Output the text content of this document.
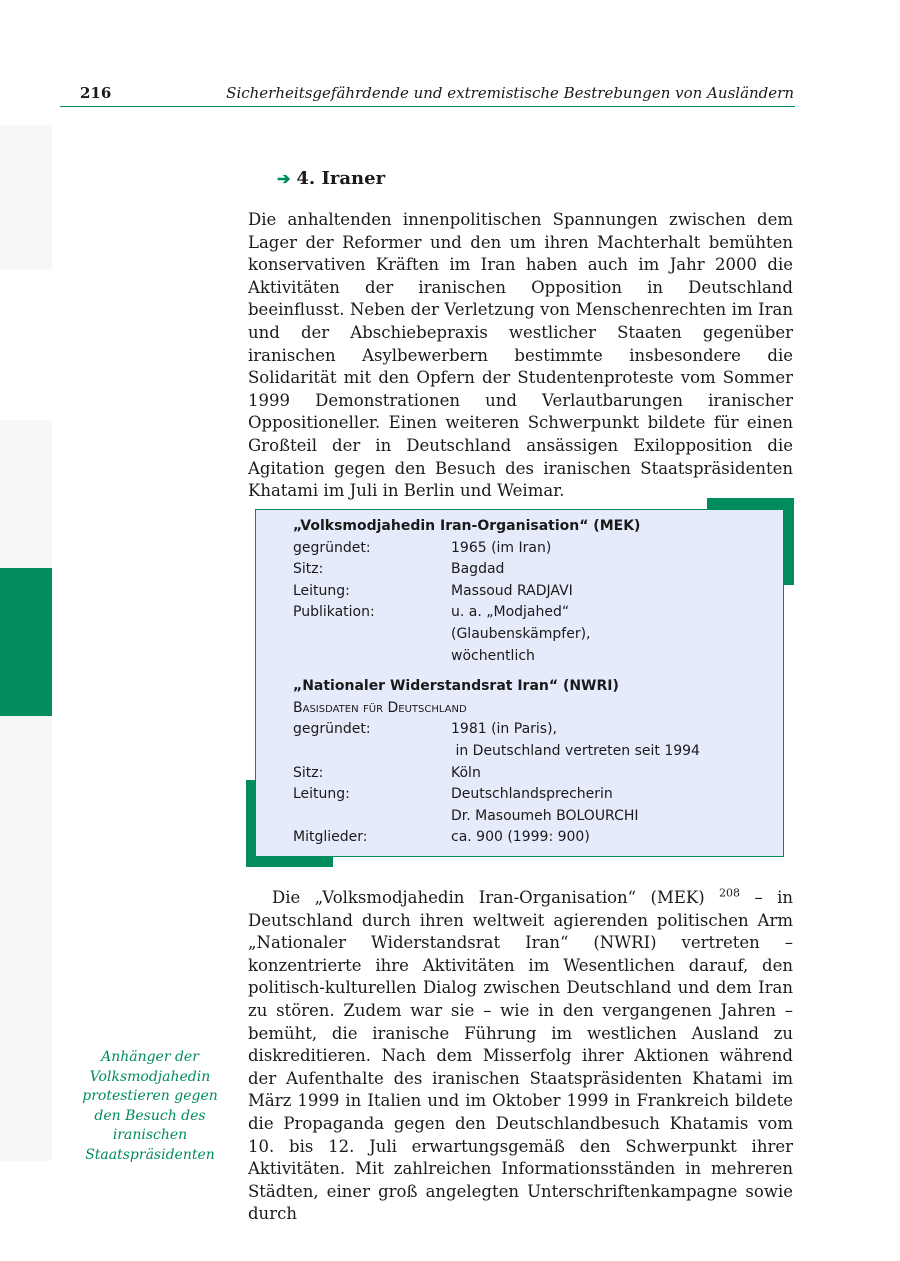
216	Sicherheitsgefährdende und extremistische Bestrebungen von Ausländern
➔ 4. Iraner
Die anhaltenden innenpolitischen Spannungen zwischen dem Lager der Reformer und den um ihren Machterhalt bemühten konservativen Kräften im Iran haben auch im Jahr 2000 die Aktivitäten der iranischen Opposition in Deutschland beeinflusst. Neben der Verletzung von Menschenrechten im Iran und der Abschiebepraxis westlicher Staaten gegenüber iranischen Asylbewerbern bestimmte insbesondere die Solidarität mit den Opfern der Studentenproteste vom Sommer 1999 Demonstrationen und Verlautbarungen iranischer Oppositioneller. Einen weiteren Schwerpunkt bildete für einen Großteil der in Deutschland ansässigen Exilopposition die Agitation gegen den Besuch des iranischen Staatspräsidenten Khatami im Juli in Berlin und Weimar.
„Volksmodjahedin Iran-Organisation“ (MEK)
gegründet:	1965 (im Iran)
Sitz:	Bagdad
Leitung:	Massoud RADJAVI
Publikation:	u. a. „Modjahed“
(Glaubenskämpfer),
wöchentlich
„Nationaler Widerstandsrat Iran“ (NWRI)
Basisdaten für Deutschland
gegründet:	1981 (in Paris),
in Deutschland vertreten seit 1994
Sitz:	Köln
Leitung:	Deutschlandsprecherin
Dr. Masoumeh BOLOURCHI
Mitglieder:	ca. 900 (1999: 900)
Die „Volksmodjahedin Iran-Organisation“ (MEK) $^{208}$ – in Deutschland durch ihren weltweit agierenden politischen Arm „Nationaler Widerstandsrat Iran“ (NWRI) vertreten – konzentrierte ihre Aktivitäten im Wesentlichen darauf, den politisch-kulturellen Dialog zwischen Deutschland und dem Iran zu stören. Zudem war sie – wie in den vergangenen Jahren – bemüht, die iranische Führung im westlichen Ausland zu diskreditieren. Nach dem Misserfolg ihrer Aktionen während der Aufenthalte des iranischen Staatspräsidenten Khatami im März 1999 in Italien und im Oktober 1999 in Frankreich bildete die Propaganda gegen den Deutschlandbesuch Khatamis vom 10. bis 12. Juli erwartungsgemäß den Schwerpunkt ihrer Aktivitäten. Mit zahlreichen Informationsständen in mehreren Städten, einer groß angelegten Unterschriftenkampagne sowie durch
Anhänger der Volksmodjahedin protestieren gegen den Besuch des iranischen Staatspräsidenten
